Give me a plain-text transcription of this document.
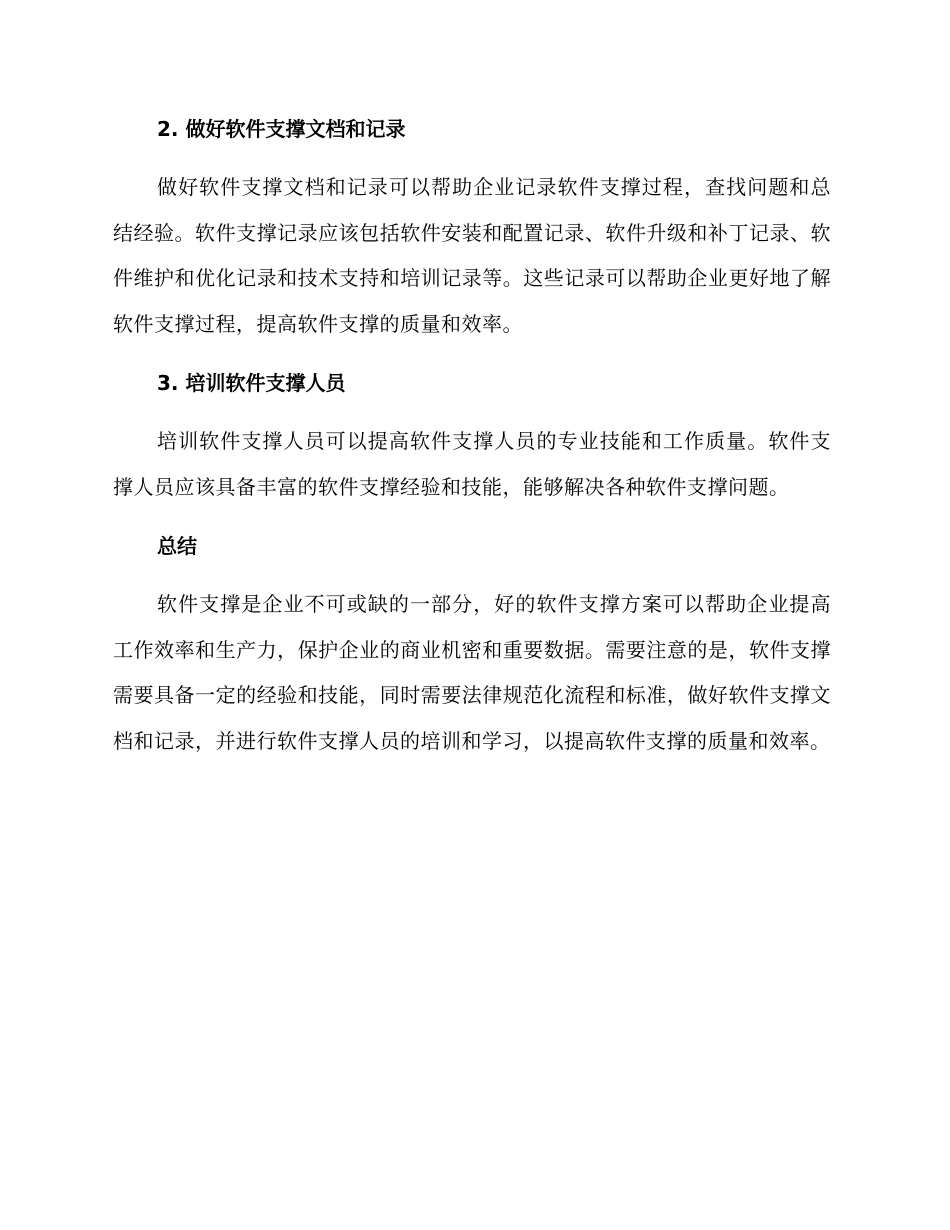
2. 做好软件支撑文档和记录

做好软件支撑文档和记录可以帮助企业记录软件支撑过程，查找问题和总结经验。软件支撑记录应该包括软件安装和配置记录、软件升级和补丁记录、软件维护和优化记录和技术支持和培训记录等。这些记录可以帮助企业更好地了解软件支撑过程，提高软件支撑的质量和效率。

3. 培训软件支撑人员

培训软件支撑人员可以提高软件支撑人员的专业技能和工作质量。软件支撑人员应该具备丰富的软件支撑经验和技能，能够解决各种软件支撑问题。

总结

软件支撑是企业不可或缺的一部分，好的软件支撑方案可以帮助企业提高工作效率和生产力，保护企业的商业机密和重要数据。需要注意的是，软件支撑需要具备一定的经验和技能，同时需要法律规范化流程和标准，做好软件支撑文档和记录，并进行软件支撑人员的培训和学习，以提高软件支撑的质量和效率。
